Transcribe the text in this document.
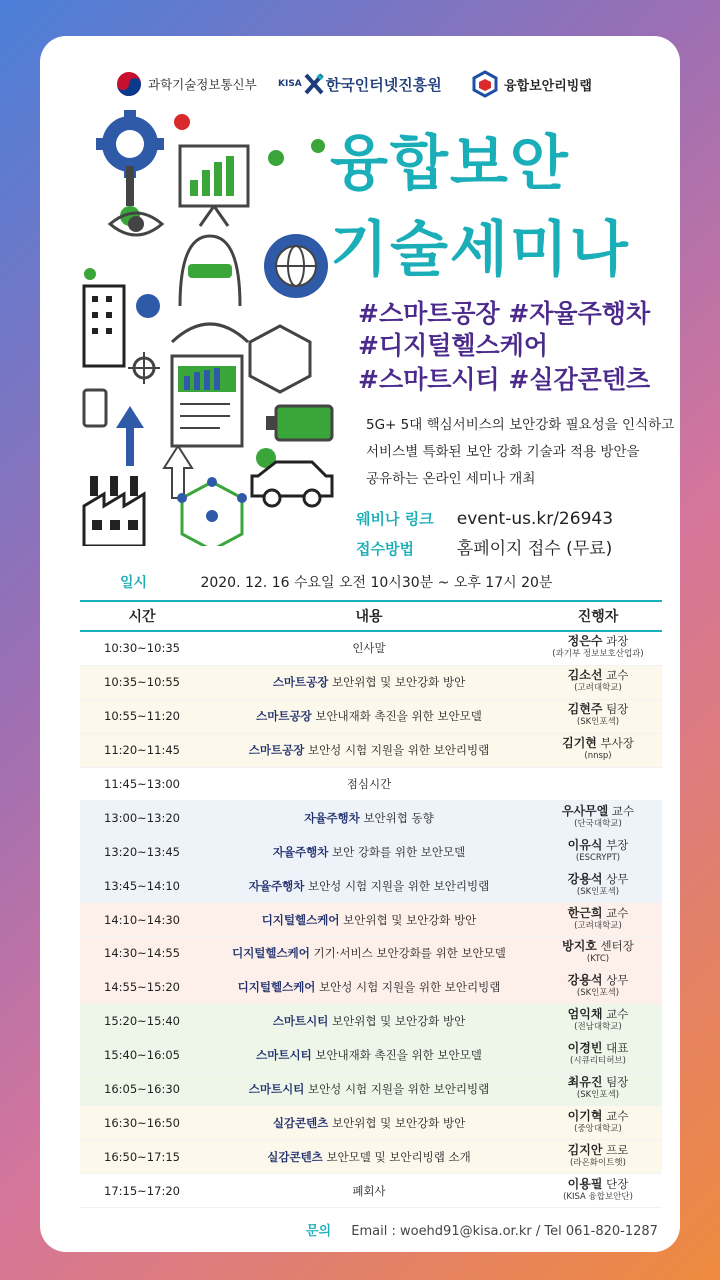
과학기술정보통신부 KISA 한국인터넷진흥원	융합보안리빙랩
융합보안
기술세미나
#스마트공장 #자율주행차
#디지털헬스케어
#스마트시티 #실감콘텐츠
5G+ 5대 핵심서비스의 보안강화 필요성을 인식하고
서비스별 특화된 보안 강화 기술과 적용 방안을
공유하는 온라인 세미나 개최
웨비나 링크 event-us.kr/26943
접수방법	홈페이지 접수 (무료)
일시	2020. 12. 16 수요일 오전 10시30분 ~ 오후 17시 20분
시간	내용	진행자
10:30~10:35	인사말	정은수 과장
(과기부 정보보호산업과)
10:35~10:55	스마트공장 보안위협 및 보안강화 방안	김소선 교수
(고려대학교)
10:55~11:20	스마트공장 보안내재화 촉진을 위한 보안모델	김현주 팀장
(SK인포섹)
11:20~11:45	스마트공장 보안성 시험 지원을 위한 보안리빙랩	김기현 부사장
(nnsp)
11:45~13:00	점심시간
13:00~13:20	자율주행차 보안위협 동향	우사무엘 교수
(단국대학교)
13:20~13:45	자율주행차 보안 강화를 위한 보안모델	이유식 부장
(ESCRYPT)
13:45~14:10	자율주행차 보안성 시험 지원을 위한 보안리빙랩	강용석 상무
(SK인포섹)
14:10~14:30	디지털헬스케어 보안위협 및 보안강화 방안	한근희 교수
(고려대학교)
14:30~14:55	디지털헬스케어 기기·서비스 보안강화를 위한 보안모델	방지호 센터장
(KTC)
14:55~15:20	디지털헬스케어 보안성 시험 지원을 위한 보안리빙랩	강용석 상무
(SK인포섹)
15:20~15:40	스마트시티 보안위협 및 보안강화 방안	엄익채 교수
(전남대학교)
15:40~16:05	스마트시티 보안내재화 촉진을 위한 보안모델	이경빈 대표
(시큐리티허브)
16:05~16:30	스마트시티 보안성 시험 지원을 위한 보안리빙랩	최유진 팀장
(SK인포섹)
16:30~16:50	실감콘텐츠 보안위협 및 보안강화 방안	이기혁 교수
(중앙대학교)
16:50~17:15	실감콘텐츠 보안모델 및 보안리빙랩 소개	김지안 프로
(라온화이트햇)
17:15~17:20	폐회사	이용필 단장
(KISA 융합보안단)
문의 Email : woehd91@kisa.or.kr / Tel 061-820-1287
